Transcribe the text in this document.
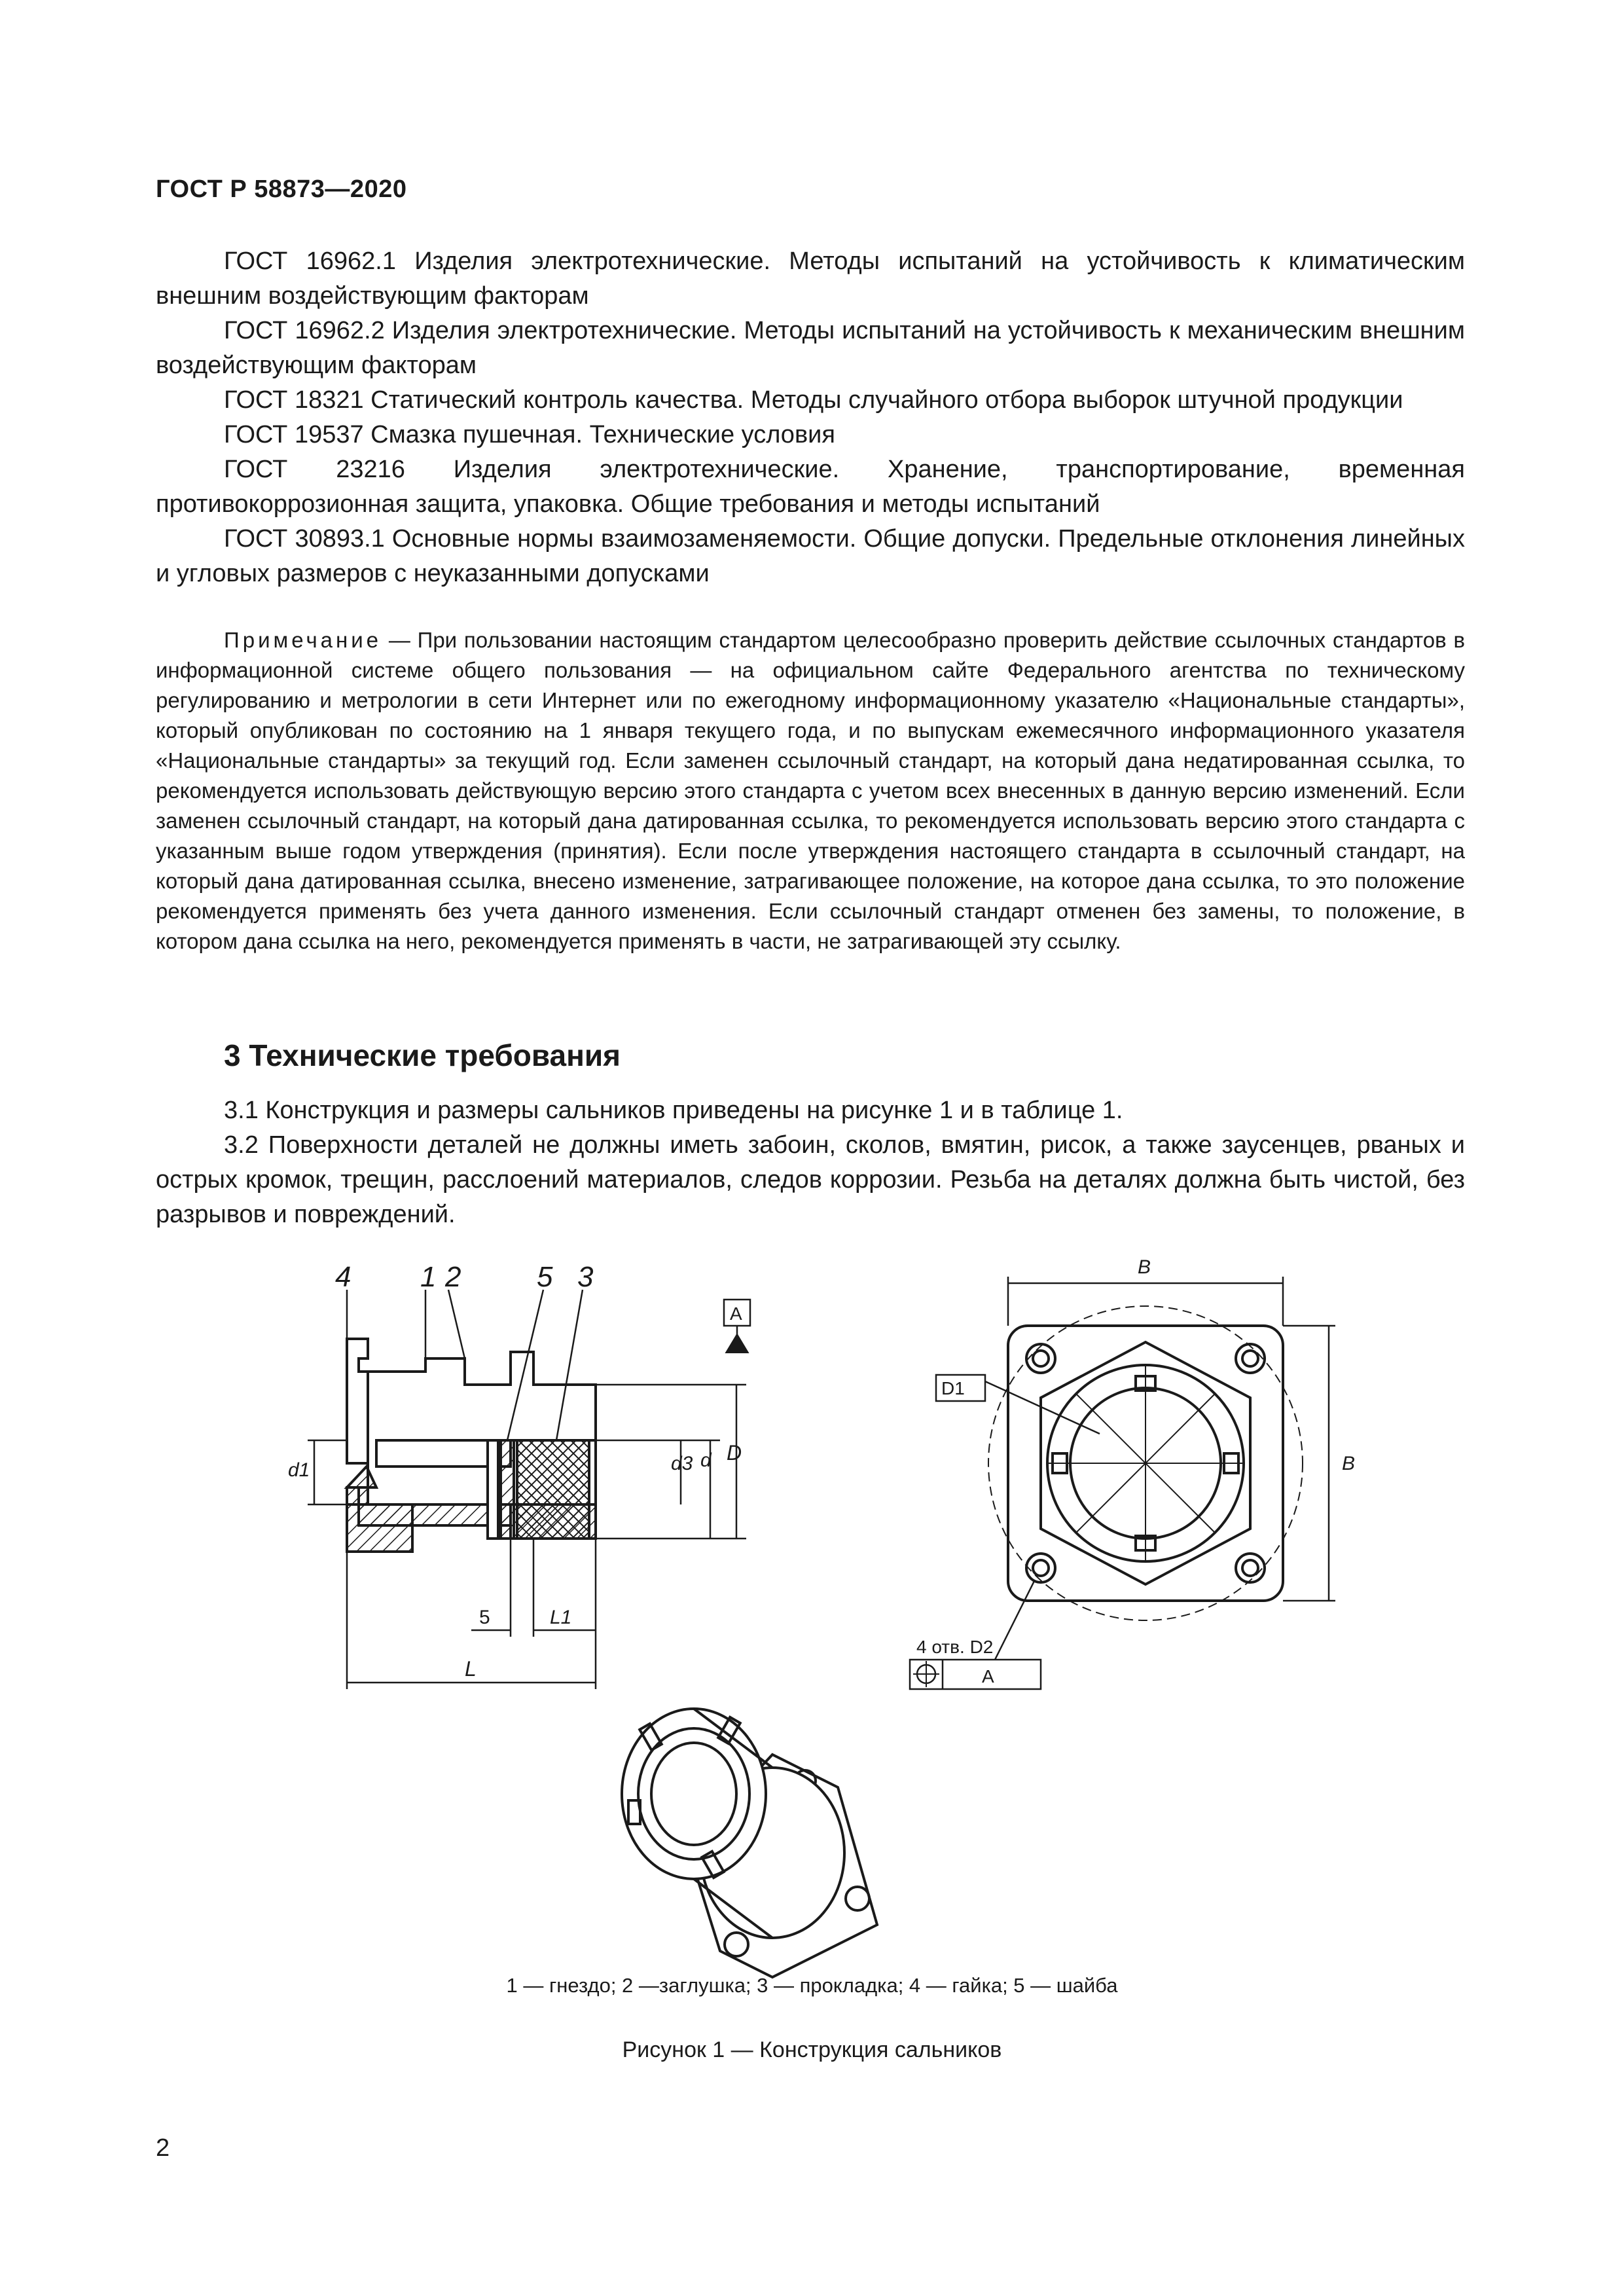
ГОСТ Р 58873—2020

ГОСТ 16962.1 Изделия электротехнические. Методы испытаний на устойчивость к климатическим внешним воздействующим факторам

ГОСТ 16962.2 Изделия электротехнические. Методы испытаний на устойчивость к механическим внешним воздействующим факторам

ГОСТ 18321 Статический контроль качества. Методы случайного отбора выборок штучной продукции

ГОСТ 19537 Смазка пушечная. Технические условия

ГОСТ 23216 Изделия электротехнические. Хранение, транспортирование, временная противокоррозионная защита, упаковка. Общие требования и методы испытаний

ГОСТ 30893.1 Основные нормы взаимозаменяемости. Общие допуски. Предельные отклонения линейных и угловых размеров с неуказанными допусками

Примечание — При пользовании настоящим стандартом целесообразно проверить действие ссылочных стандартов в информационной системе общего пользования — на официальном сайте Федерального агентства по техническому регулированию и метрологии в сети Интернет или по ежегодному информационному указателю «Национальные стандарты», который опубликован по состоянию на 1 января текущего года, и по выпускам ежемесячного информационного указателя «Национальные стандарты» за текущий год. Если заменен ссылочный стандарт, на который дана недатированная ссылка, то рекомендуется использовать действующую версию этого стандарта с учетом всех внесенных в данную версию изменений. Если заменен ссылочный стандарт, на который дана датированная ссылка, то рекомендуется использовать версию этого стандарта с указанным выше годом утверждения (принятия). Если после утверждения настоящего стандарта в ссылочный стандарт, на который дана датированная ссылка, внесено изменение, затрагивающее положение, на которое дана ссылка, то это положение рекомендуется применять без учета данного изменения. Если ссылочный стандарт отменен без замены, то положение, в котором дана ссылка на него, рекомендуется применять в части, не затрагивающей эту ссылку.

3 Технические требования

3.1 Конструкция и размеры сальников приведены на рисунке 1 и в таблице 1.

3.2 Поверхности деталей не должны иметь забоин, сколов, вмятин, рисок, а также заусенцев, рваных и острых кромок, трещин, расслоений материалов, следов коррозии. Резьба на деталях должна быть чистой, без разрывов и повреждений.

4 1 2	5 3
A
d1	d3 d D
5	L1
L
B
B
D1
4 отв. D2
A
1 — гнездо; 2 —заглушка; 3 — прокладка; 4 — гайка; 5 — шайба
Рисунок 1 — Конструкция сальников
2
